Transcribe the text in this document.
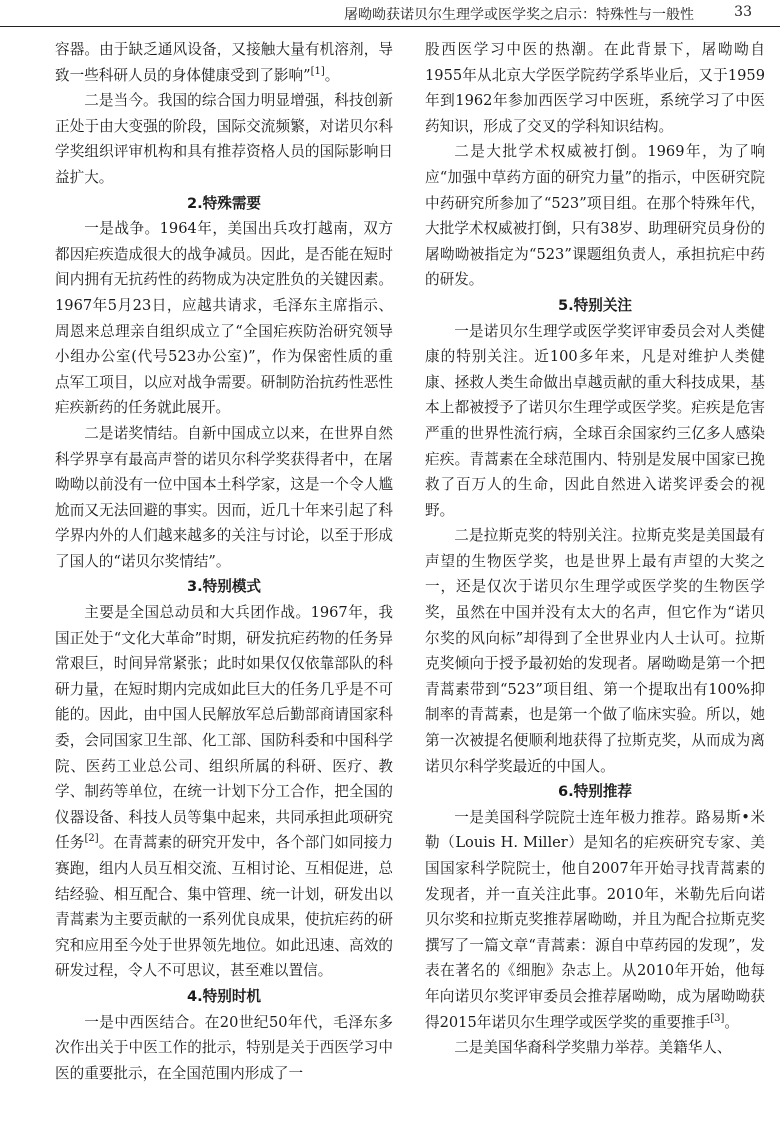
屠呦呦获诺贝尔生理学或医学奖之启示：特殊性与一般性	33

容器。由于缺乏通风设备，又接触大量有机溶剂，导致一些科研人员的身体健康受到了影响”[1]。

二是当今。我国的综合国力明显增强，科技创新正处于由大变强的阶段，国际交流频繁，对诺贝尔科学奖组织评审机构和具有推荐资格人员的国际影响日益扩大。

2.特殊需要

一是战争。1964年，美国出兵攻打越南，双方都因疟疾造成很大的战争减员。因此，是否能在短时间内拥有无抗药性的药物成为决定胜负的关键因素。1967年5月23日，应越共请求，毛泽东主席指示、周恩来总理亲自组织成立了“全国疟疾防治研究领导小组办公室(代号523办公室)”，作为保密性质的重点军工项目，以应对战争需要。研制防治抗药性恶性疟疾新药的任务就此展开。

二是诺奖情结。自新中国成立以来，在世界自然科学界享有最高声誉的诺贝尔科学奖获得者中，在屠呦呦以前没有一位中国本土科学家，这是一个令人尴尬而又无法回避的事实。因而，近几十年来引起了科学界内外的人们越来越多的关注与讨论，以至于形成了国人的“诺贝尔奖情结”。

3.特别模式

主要是全国总动员和大兵团作战。1967年，我国正处于“文化大革命”时期，研发抗疟药物的任务异常艰巨，时间异常紧张；此时如果仅仅依靠部队的科研力量，在短时期内完成如此巨大的任务几乎是不可能的。因此，由中国人民解放军总后勤部商请国家科委，会同国家卫生部、化工部、国防科委和中国科学院、医药工业总公司、组织所属的科研、医疗、教学、制药等单位，在统一计划下分工合作，把全国的仪器设备、科技人员等集中起来，共同承担此项研究任务[2]。在青蒿素的研究开发中，各个部门如同接力赛跑，组内人员互相交流、互相讨论、互相促进，总结经验、相互配合、集中管理、统一计划，研发出以青蒿素为主要贡献的一系列优良成果，使抗疟药的研究和应用至今处于世界领先地位。如此迅速、高效的研发过程，令人不可思议，甚至难以置信。

4.特别时机

一是中西医结合。在20世纪50年代，毛泽东多次作出关于中医工作的批示，特别是关于西医学习中医的重要批示，在全国范围内形成了一

股西医学习中医的热潮。在此背景下，屠呦呦自1955年从北京大学医学院药学系毕业后，又于1959年到1962年参加西医学习中医班，系统学习了中医药知识，形成了交叉的学科知识结构。

二是大批学术权威被打倒。1969年，为了响应“加强中草药方面的研究力量”的指示，中医研究院中药研究所参加了“523”项目组。在那个特殊年代，大批学术权威被打倒，只有38岁、助理研究员身份的屠呦呦被指定为“523”课题组负责人，承担抗疟中药的研发。

5.特别关注

一是诺贝尔生理学或医学奖评审委员会对人类健康的特别关注。近100多年来，凡是对维护人类健康、拯救人类生命做出卓越贡献的重大科技成果，基本上都被授予了诺贝尔生理学或医学奖。疟疾是危害严重的世界性流行病，全球百余国家约三亿多人感染疟疾。青蒿素在全球范围内、特别是发展中国家已挽救了百万人的生命，因此自然进入诺奖评委会的视野。

二是拉斯克奖的特别关注。拉斯克奖是美国最有声望的生物医学奖，也是世界上最有声望的大奖之一，还是仅次于诺贝尔生理学或医学奖的生物医学奖，虽然在中国并没有太大的名声，但它作为“诺贝尔奖的风向标”却得到了全世界业内人士认可。拉斯克奖倾向于授予最初始的发现者。屠呦呦是第一个把青蒿素带到“523”项目组、第一个提取出有100%抑制率的青蒿素，也是第一个做了临床实验。所以，她第一次被提名便顺利地获得了拉斯克奖，从而成为离诺贝尔科学奖最近的中国人。

6.特别推荐

一是美国科学院院士连年极力推荐。路易斯•米勒（Louis H. Miller）是知名的疟疾研究专家、美国国家科学院院士，他自2007年开始寻找青蒿素的发现者，并一直关注此事。2010年，米勒先后向诺贝尔奖和拉斯克奖推荐屠呦呦，并且为配合拉斯克奖撰写了一篇文章“青蒿素：源自中草药园的发现”，发表在著名的《细胞》杂志上。从2010年开始，他每年向诺贝尔奖评审委员会推荐屠呦呦，成为屠呦呦获得2015年诺贝尔生理学或医学奖的重要推手[3]。

二是美国华裔科学奖鼎力举荐。美籍华人、
